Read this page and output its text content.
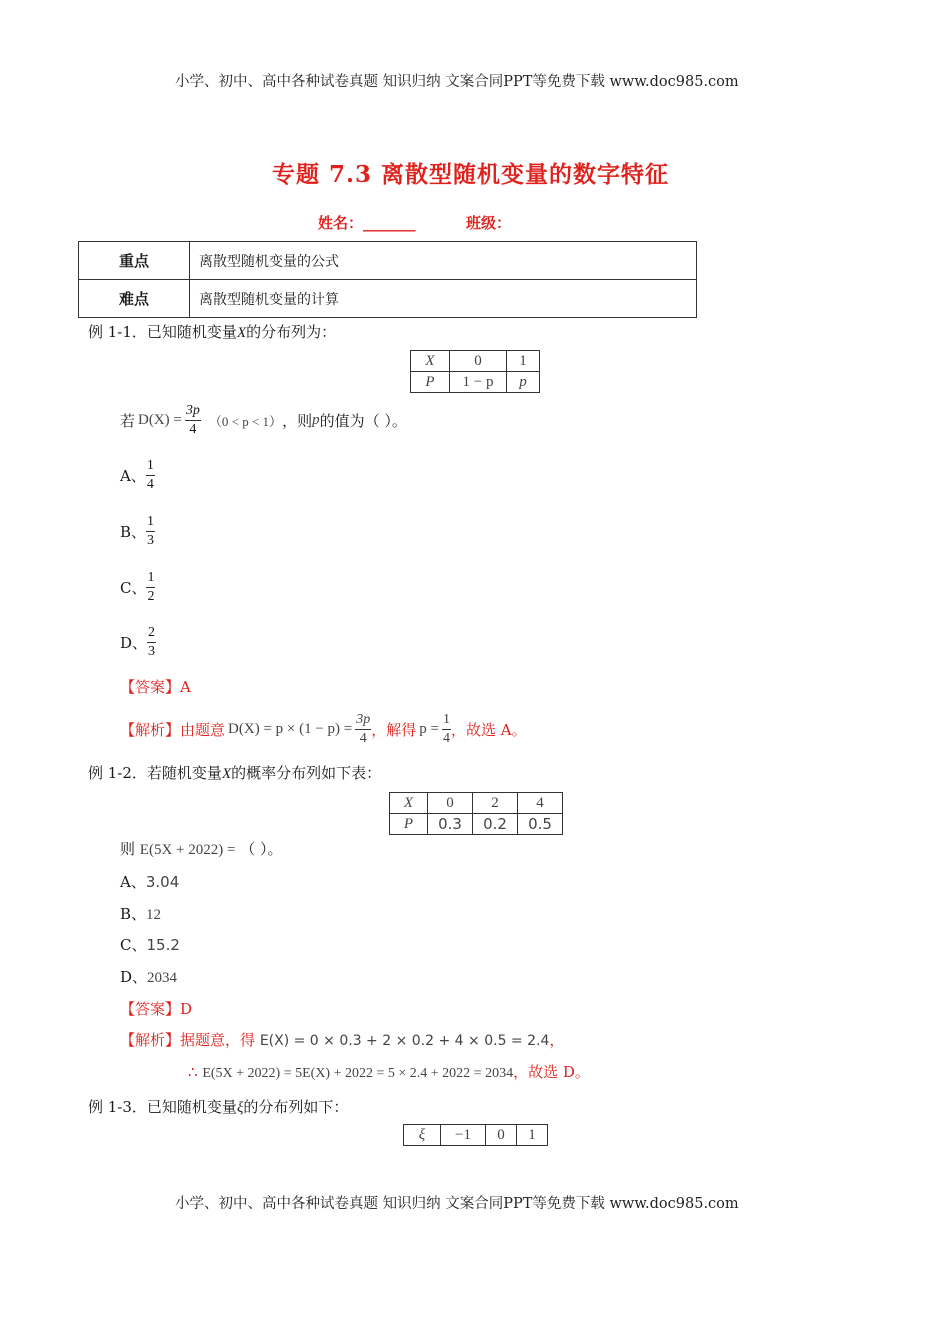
小学、初中、高中各种试卷真题 知识归纳 文案合同PPT等免费下载 www.doc985.com
专题 7.3 离散型随机变量的数字特征
姓名：_______	班级：
重点	离散型随机变量的公式
难点	离散型随机变量的计算
例 1-1．已知随机变量X的分布列为：
X	0	1
P	1 − p	p
若 $D(X) = \frac{3p}{4} (0 < p < 1)$ ，则 p 的值为（ ）。
A、 $\frac{1}{4}$
B、 $\frac{1}{3}$
C、 $\frac{1}{2}$
D、 $\frac{2}{3}$
【答案】A
【解析】 由题意 $D(X) = p \times (1 - p) = \frac{3p}{4}$ ，解得 $p = \frac{1}{4}$ ，故选 A。
例 1-2．若随机变量X的概率分布列如下表：
X	0	2	4
P	0.3	0.2	0.5
则 E(5X + 2022) = （ ）。
A、3.04
B、12
C、15.2
D、2034
【答案】D
【解析】据题意，得 E(X) = 0 × 0.3 + 2 × 0.2 + 4 × 0.5 = 2.4，
∴ E(5X + 2022) = 5E(X) + 2022 = 5 × 2.4 + 2022 = 2034，故选 D。
例 1-3．已知随机变量ξ的分布列如下：
ξ	−1	0	1
小学、初中、高中各种试卷真题 知识归纳 文案合同PPT等免费下载 www.doc985.com
